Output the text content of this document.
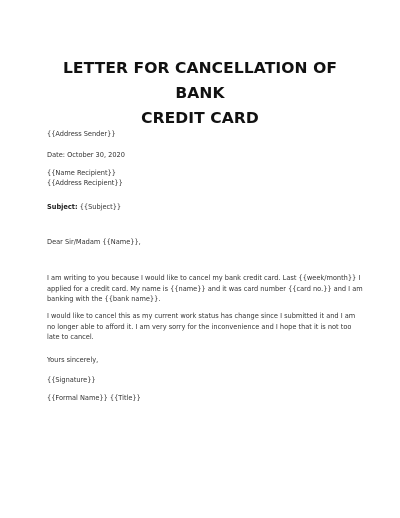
LETTER FOR CANCELLATION OF BANK
CREDIT CARD

{{Address Sender}}

Date: October 30, 2020

{{Name Recipient}}

{{Address Recipient}}

Subject: {{Subject}}

Dear Sir/Madam {{Name}},

I am writing to you because I would like to cancel my bank credit card. Last {{week/month}} I applied for a credit card. My name is {{name}} and it was card number {{card no.}} and I am banking with the {{bank name}}.

I would like to cancel this as my current work status has change since I submitted it and I am no longer able to afford it. I am very sorry for the inconvenience and I hope that it is not too late to cancel.

Yours sincerely,

{{Signature}}

{{Formal Name}} {{Title}}
